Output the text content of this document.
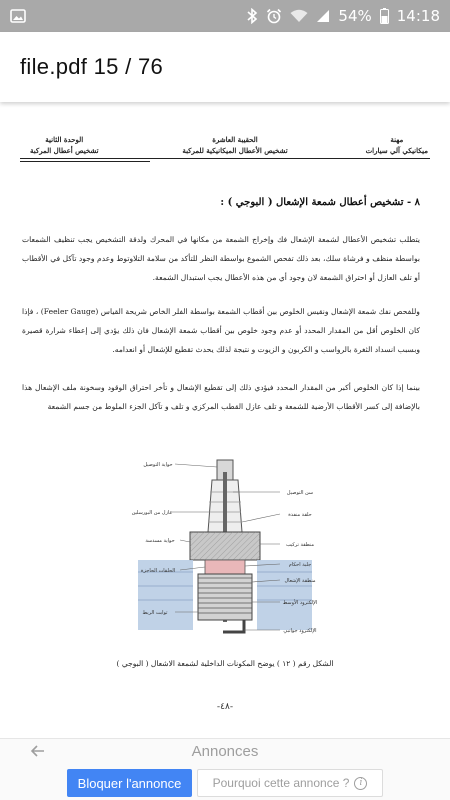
54% 14:18
file.pdf 15 / 76
مهنة
ميكانيكي آلي سيارات
الحقيبة العاشرة
تشخيص الأعطال الميكانيكية للمركبة
الوحدة الثانية
تشخيص أعطال المركبة
٨ - تشخيص أعطال شمعة الإشعال ( البوجي ) :

يتطلب تشخيص الأعطال لشمعة الإشعال فك وإخراج الشمعة من مكانها في المحرك ولدقة التشخيص يجب تنظيف الشمعات بواسطة منظف و فرشاة سلك، بعد ذلك تفحص الشموع بواسطة النظر للتأكد من سلامة التلاوتوط وعدم وجود تآكل في الأقطاب أو تلف العازل أو احتراق الشمعة لان وجود أي من هذه الأعطال يجب استبدال الشمعة.

وللفحص نفك شمعة الإشعال ونقيس الخلوص بين أقطاب الشمعة بواسطة الفلر الخاص شريحة القياس (Feeler Gauge) ، فإذا كان الخلوص أقل من المقدار المحدد أو عدم وجود خلوص بين أقطاب شمعة الإشعال فان ذلك يؤدي إلى إعطاء شرارة قصيرة وبسبب انسداد الثغرة بالرواسب و الكربون و الزيوت و نتيجة لذلك يحدث تقطيع للإشعال أو انعدامه.

بينما إذا كان الخلوص أكبر من المقدار المحدد فيؤدي ذلك إلى تقطيع الإشعال و تأخر احتراق الوقود وسخونة ملف الإشعال هذا بالإضافة إلى كسر الأقطاب الأرضية للشمعة و تلف عازل القطب المركزي و تلف و تآكل الجزء الملوط من جسم الشمعة

حواية التوصيل
عازل من البورسلين
سن التوصيل
حلقة منفذة
حواية مسدسة
منطقة تركيب
الحلقات الحاجزة
جلبة احكام
منطقة الإشعال
الإلكترود الأوسط
ثوابت الربط
الإلكترود جوانبي
الشكل رقم ( ١٢ ) يوضح المكونات الداخلية لشمعة الاشعال ( البوجي )
-٤٨-
Annonces
Bloquer l'annonce	Pourquoi cette annonce ?	i
